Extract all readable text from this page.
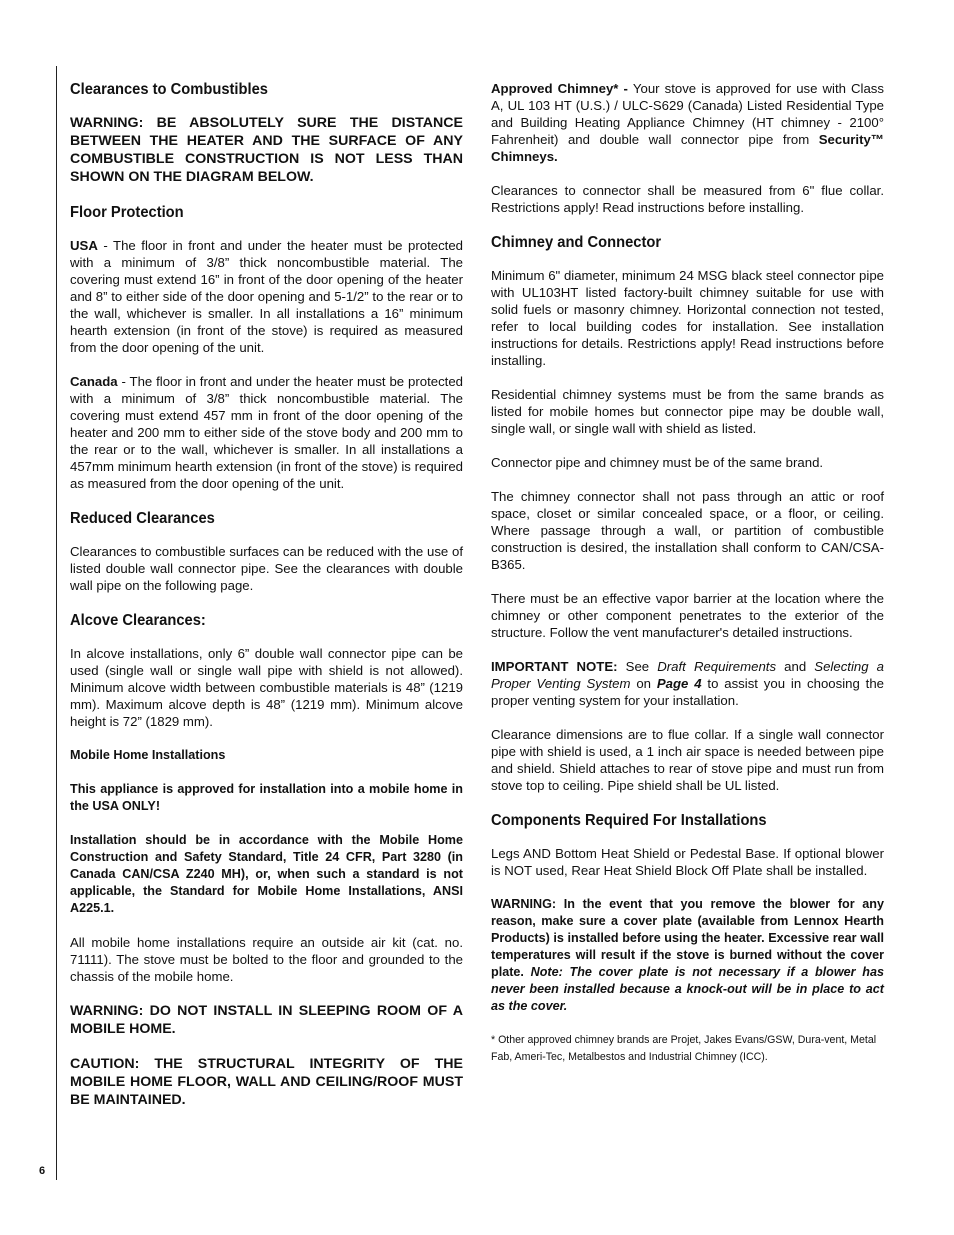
6
Clearances to Combustibles

WARNING: BE ABSOLUTELY SURE THE DISTANCE BETWEEN THE HEATER AND THE SURFACE OF ANY COMBUSTIBLE CONSTRUCTION IS NOT LESS THAN SHOWN ON THE DIAGRAM BELOW.

Floor Protection

USA - The floor in front and under the heater must be protected with a minimum of 3/8” thick noncombustible material. The covering must extend 16” in front of the door opening of the heater and 8” to either side of the door opening and 5-1/2” to the rear or to the wall, whichever is smaller. In all installations a 16” minimum hearth extension (in front of the stove) is required as measured from the door opening of the unit.

Canada - The floor in front and under the heater must be protected with a minimum of 3/8” thick noncombustible material. The covering must extend 457 mm in front of the door opening of the heater and 200 mm to either side of the stove body and 200 mm to the rear or to the wall, whichever is smaller. In all installations a 457mm minimum hearth extension (in front of the stove) is required as measured from the door opening of the unit.

Reduced Clearances

Clearances to combustible surfaces can be reduced with the use of listed double wall connector pipe. See the clearances with double wall pipe on the following page.

Alcove Clearances:

In alcove installations, only 6” double wall connector pipe can be used (single wall or single wall pipe with shield is not allowed). Minimum alcove width between combustible materials is 48” (1219 mm). Maximum alcove depth is 48” (1219 mm). Minimum alcove height is 72” (1829 mm).

Mobile Home Installations

This appliance is approved for installation into a mobile home in the USA ONLY!

Installation should be in accordance with the Mobile Home Construction and Safety Standard, Title 24 CFR, Part 3280 (in Canada CAN/CSA Z240 MH), or, when such a standard is not applicable, the Standard for Mobile Home Installations, ANSI A225.1.

All mobile home installations require an outside air kit (cat. no. 71111). The stove must be bolted to the floor and grounded to the chassis of the mobile home.

WARNING: DO NOT INSTALL IN SLEEPING ROOM OF A MOBILE HOME.

CAUTION: THE STRUCTURAL INTEGRITY OF THE MOBILE HOME FLOOR, WALL AND CEILING/ROOF MUST BE MAINTAINED.

Approved Chimney* - Your stove is approved for use with Class A, UL 103 HT (U.S.) / ULC-S629 (Canada) Listed Residential Type and Building Heating Appliance Chimney (HT chimney - 2100° Fahrenheit) and double wall connector pipe from Security™ Chimneys.

Clearances to connector shall be measured from 6" flue collar. Restrictions apply! Read instructions before installing.

Chimney and Connector

Minimum 6" diameter, minimum 24 MSG black steel connector pipe with UL103HT listed factory-built chimney suitable for use with solid fuels or masonry chimney. Horizontal connection not tested, refer to local building codes for installation. See installation instructions for details. Restrictions apply! Read instructions before installing.

Residential chimney systems must be from the same brands as listed for mobile homes but connector pipe may be double wall, single wall, or single wall with shield as listed.

Connector pipe and chimney must be of the same brand.

The chimney connector shall not pass through an attic or roof space, closet or similar concealed space, or a floor, or ceiling. Where passage through a wall, or partition of combustible construction is desired, the installation shall conform to CAN/CSA-B365.

There must be an effective vapor barrier at the location where the chimney or other component penetrates to the exterior of the structure. Follow the vent manufacturer's detailed instructions.

IMPORTANT NOTE: See Draft Requirements and Selecting a Proper Venting System on Page 4 to assist you in choosing the proper venting system for your installation.

Clearance dimensions are to flue collar. If a single wall connector pipe with shield is used, a 1 inch air space is needed between pipe and shield. Shield attaches to rear of stove pipe and must run from stove top to ceiling. Pipe shield shall be UL listed.

Components Required For Installations

Legs AND Bottom Heat Shield or Pedestal Base. If optional blower is NOT used, Rear Heat Shield Block Off Plate shall be installed.

WARNING: In the event that you remove the blower for any reason, make sure a cover plate (available from Lennox Hearth Products) is installed before using the heater. Excessive rear wall temperatures will result if the stove is burned without the cover plate. Note: The cover plate is not necessary if a blower has never been installed because a knock-out will be in place to act as the cover.

* Other approved chimney brands are Projet, Jakes Evans/GSW, Dura-vent, Metal Fab, Ameri-Tec, Metalbestos and Industrial Chimney (ICC).
